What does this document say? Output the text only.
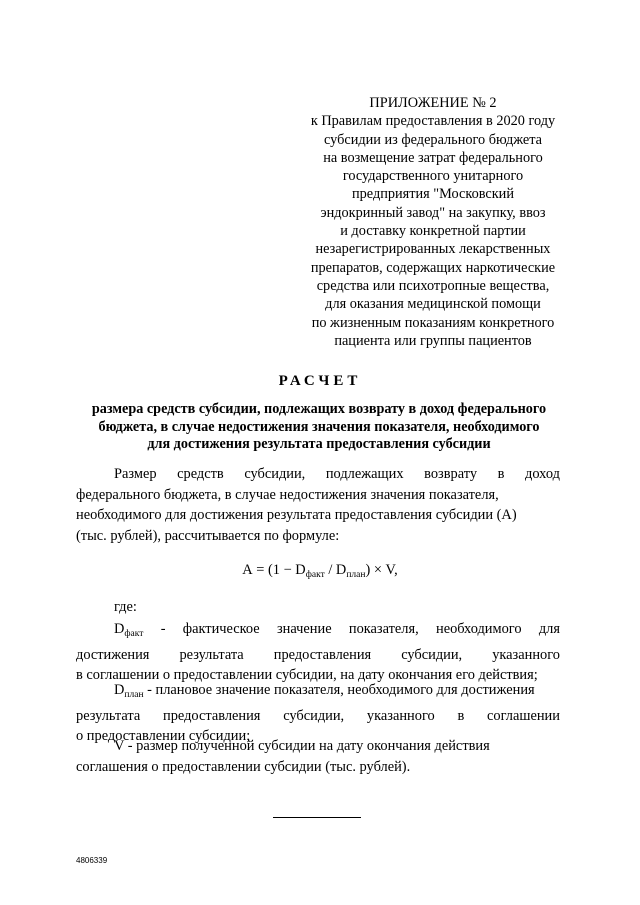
ПРИЛОЖЕНИЕ № 2
к Правилам предоставления в 2020 году
субсидии из федерального бюджета
на возмещение затрат федерального
государственного унитарного
предприятия "Московский
эндокринный завод" на закупку, ввоз
и доставку конкретной партии
незарегистрированных лекарственных
препаратов, содержащих наркотические
средства или психотропные вещества,
для оказания медицинской помощи
по жизненным показаниям конкретного
пациента или группы пациентов
РАСЧЕТ
размера средств субсидии, подлежащих возврату в доход федерального
бюджета, в случае недостижения значения показателя, необходимого
для достижения результата предоставления субсидии
Размер средств субсидии, подлежащих возврату в доход
федерального бюджета, в случае недостижения значения показателя,
необходимого для достижения результата предоставления субсидии (А)
(тыс. рублей), рассчитывается по формуле:
$А = (1 - D_{факт} / D_{план}) \times V$,
где:
$D_{факт}$ - фактическое значение показателя, необходимого для
достижения результата предоставления субсидии, указанного
в соглашении о предоставлении субсидии, на дату окончания его действия;
$D_{план}$ - плановое значение показателя, необходимого для достижения
результата предоставления субсидии, указанного в соглашении
о предоставлении субсидии;
V - размер полученной субсидии на дату окончания действия
соглашения о предоставлении субсидии (тыс. рублей).
4806339
